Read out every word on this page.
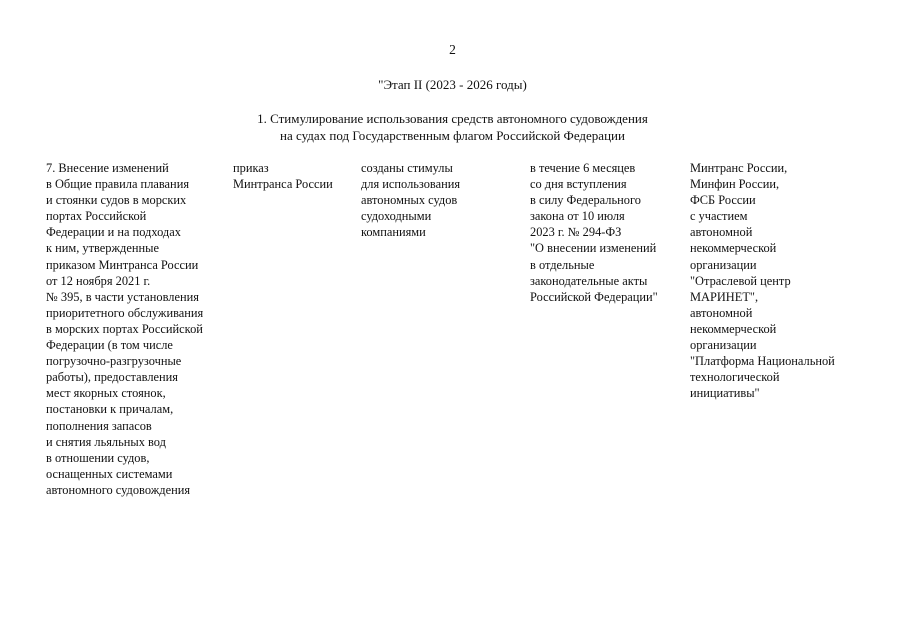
2
"Этап II (2023 - 2026 годы)
1. Стимулирование использования средств автономного судовождения
на судах под Государственным флагом Российской Федерации
7. Внесение изменений
в Общие правила плавания
и стоянки судов в морских
портах Российской
Федерации и на подходах
к ним, утвержденные
приказом Минтранса России
от 12 ноября 2021 г.
№ 395, в части установления
приоритетного обслуживания
в морских портах Российской
Федерации (в том числе
погрузочно-разгрузочные
работы), предоставления
мест якорных стоянок,
постановки к причалам,
пополнения запасов
и снятия льяльных вод
в отношении судов,
оснащенных системами
автономного судовождения
приказ
Минтранса России
созданы стимулы
для использования
автономных судов
судоходными
компаниями
в течение 6 месяцев
со дня вступления
в силу Федерального
закона от 10 июля
2023 г. № 294-ФЗ
"О внесении изменений
в отдельные
законодательные акты
Российской Федерации"
Минтранс России,
Минфин России,
ФСБ России
с участием
автономной
некоммерческой
организации
"Отраслевой центр
МАРИНЕТ",
автономной
некоммерческой
организации
"Платформа Национальной
технологической
инициативы"
